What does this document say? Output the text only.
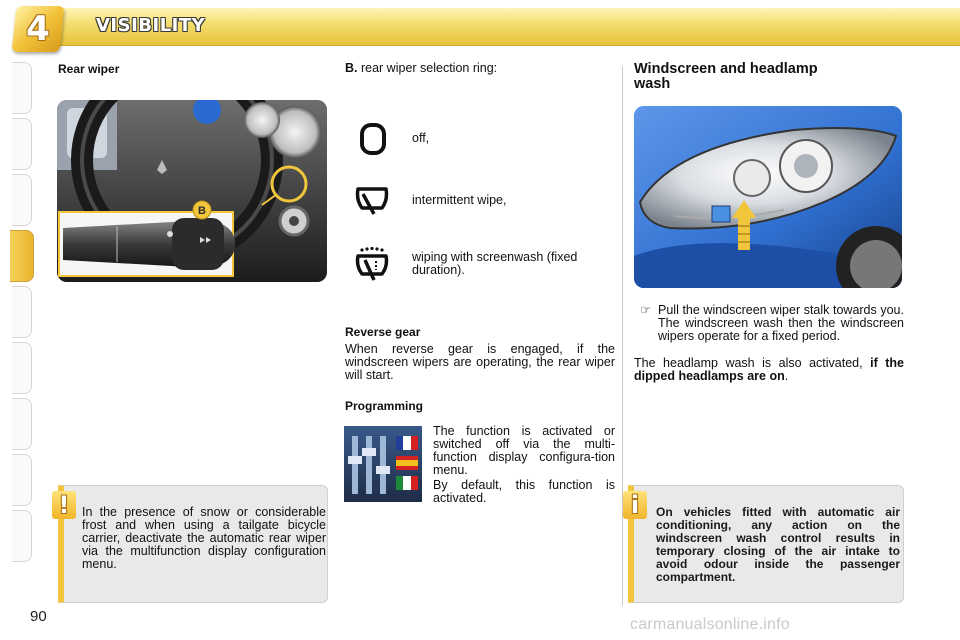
4	VISIBILITY
Rear wiper
B
In the presence of snow or considerable frost and when using a tailgate bicycle carrier, deactivate the automatic rear wiper via the multifunction display configuration menu.
!
B. rear wiper selection ring:
off,
intermittent wipe,
wiping with screenwash (fixed
duration).
Reverse gear
When reverse gear is engaged, if the windscreen wipers are operating, the rear wiper will start.
Programming
The function is activated or switched off via the multi-function display configura-tion menu.
By default, this function is activated.
Windscreen and headlamp
wash
☞ Pull the windscreen wiper stalk towards you. The windscreen wash then the windscreen wipers operate for a fixed period.
The headlamp wash is also activated, if the dipped headlamps are on.
On vehicles fitted with automatic air conditioning, any action on the windscreen wash control results in temporary closing of the air intake to avoid odour inside the passenger compartment.
i
90	carmanualsonline.info
